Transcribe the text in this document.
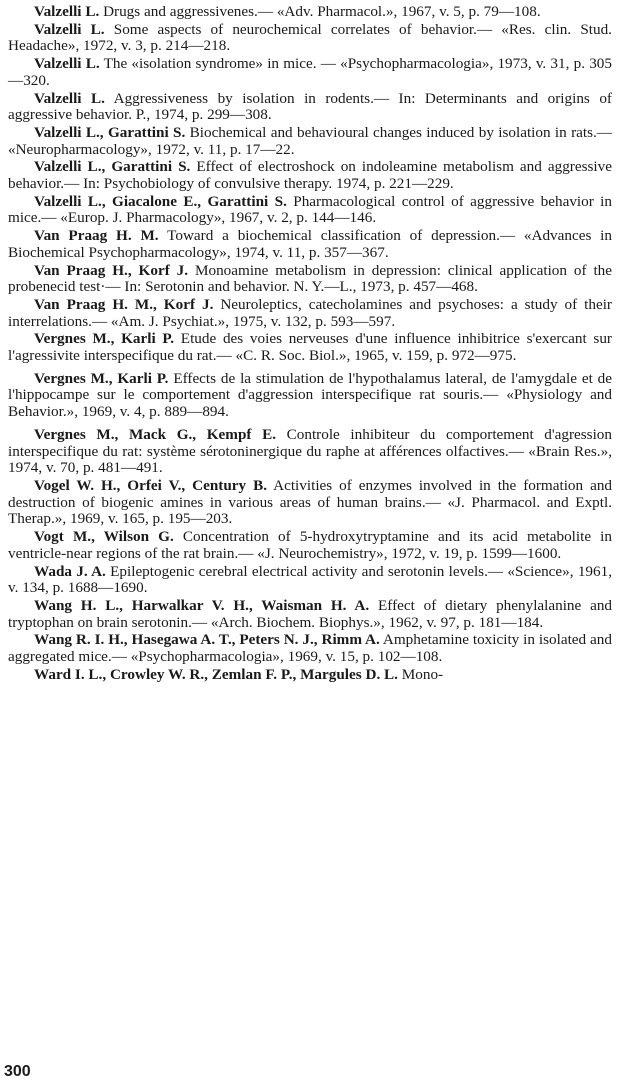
Valzelli L. Drugs and aggressivenes.— «Adv. Pharmacol.», 1967, v. 5, p. 79—108.

Valzelli L. Some aspects of neurochemical correlates of behavior.— «Res. clin. Stud. Headache», 1972, v. 3, p. 214—218.

Valzelli L. The «isolation syndrome» in mice. — «Psychopharmacologia», 1973, v. 31, p. 305—320.

Valzelli L. Aggressiveness by isolation in rodents.— In: Determinants and origins of aggressive behavior. P., 1974, p. 299—308.

Valzelli L., Garattini S. Biochemical and behavioural changes induced by isolation in rats.— «Neuropharmacology», 1972, v. 11, p. 17—22.

Valzelli L., Garattini S. Effect of electroshock on indoleamine metabolism and aggressive behavior.— In: Psychobiology of convulsive therapy. 1974, p. 221—229.

Valzelli L., Giacalone E., Garattini S. Pharmacological control of aggressive behavior in mice.— «Europ. J. Pharmacology», 1967, v. 2, p. 144—146.

Van Praag H. M. Toward a biochemical classification of depression.— «Advances in Biochemical Psychopharmacology», 1974, v. 11, p. 357—367.

Van Praag H., Korf J. Monoamine metabolism in depression: clinical application of the probenecid test·— In: Serotonin and behavior. N. Y.—L., 1973, p. 457—468.

Van Praag H. M., Korf J. Neuroleptics, catecholamines and psychoses: a study of their interrelations.— «Am. J. Psychiat.», 1975, v. 132, p. 593—597.

Vergnes M., Karli P. Etude des voies nerveuses d'une influence inhibitrice s'exercant sur l'agressivite interspecifique du rat.— «C. R. Soc. Biol.», 1965, v. 159, p. 972—975.

Vergnes M., Karli P. Effects de la stimulation de l'hypothalamus lateral, de l'amygdale et de l'hippocampe sur le comportement d'aggression interspecifique rat souris.— «Physiology and Behavior.», 1969, v. 4, p. 889—894.

Vergnes M., Mack G., Kempf E. Controle inhibiteur du comportement d'agression interspecifique du rat: système sérotoninergique du raphe at afférences olfactives.— «Brain Res.», 1974, v. 70, p. 481—491.

Vogel W. H., Orfei V., Century B. Activities of enzymes involved in the formation and destruction of biogenic amines in various areas of human brains.— «J. Pharmacol. and Exptl. Therap.», 1969, v. 165, p. 195—203.

Vogt M., Wilson G. Concentration of 5-hydroxytryptamine and its acid metabolite in ventricle-near regions of the rat brain.— «J. Neurochemistry», 1972, v. 19, p. 1599—1600.

Wada J. A. Epileptogenic cerebral electrical activity and serotonin levels.— «Science», 1961, v. 134, p. 1688—1690.

Wang H. L., Harwalkar V. H., Waisman H. A. Effect of dietary phenylalanine and tryptophan on brain serotonin.— «Arch. Biochem. Biophys.», 1962, v. 97, p. 181—184.

Wang R. I. H., Hasegawa A. T., Peters N. J., Rimm A. Amphetamine toxicity in isolated and aggregated mice.— «Psychopharmacologia», 1969, v. 15, p. 102—108.

Ward I. L., Crowley W. R., Zemlan F. P., Margules D. L. Mono-

300
